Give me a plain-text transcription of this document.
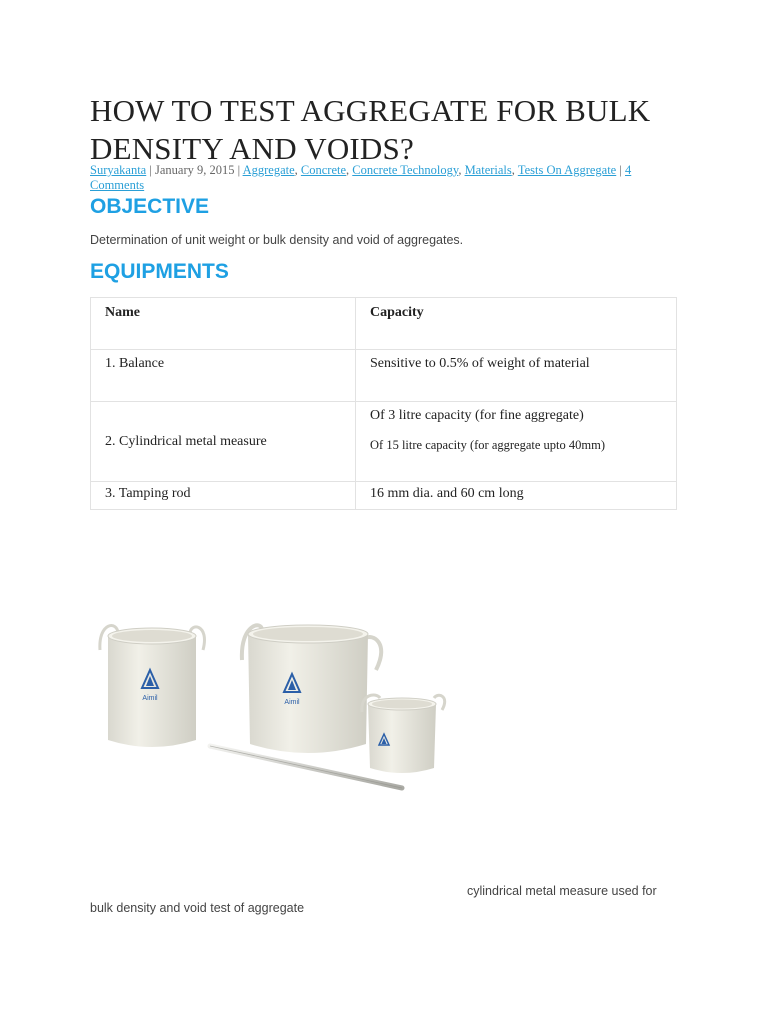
HOW TO TEST AGGREGATE FOR BULK DENSITY AND VOIDS?
Suryakanta | January 9, 2015 | Aggregate, Concrete, Concrete Technology, Materials, Tests On Aggregate | 4 Comments
OBJECTIVE
Determination of unit weight or bulk density and void of aggregates.
EQUIPMENTS
Name	Capacity
1. Balance	Sensitive to 0.5% of weight of material
2. Cylindrical metal measure	Of 3 litre capacity (for fine aggregate)
Of 15 litre capacity (for aggregate upto 40mm)

3. Tamping rod	16 mm dia. and 60 cm long
Aimil
Aimil
cylindrical metal measure used for bulk density and void test of aggregate
